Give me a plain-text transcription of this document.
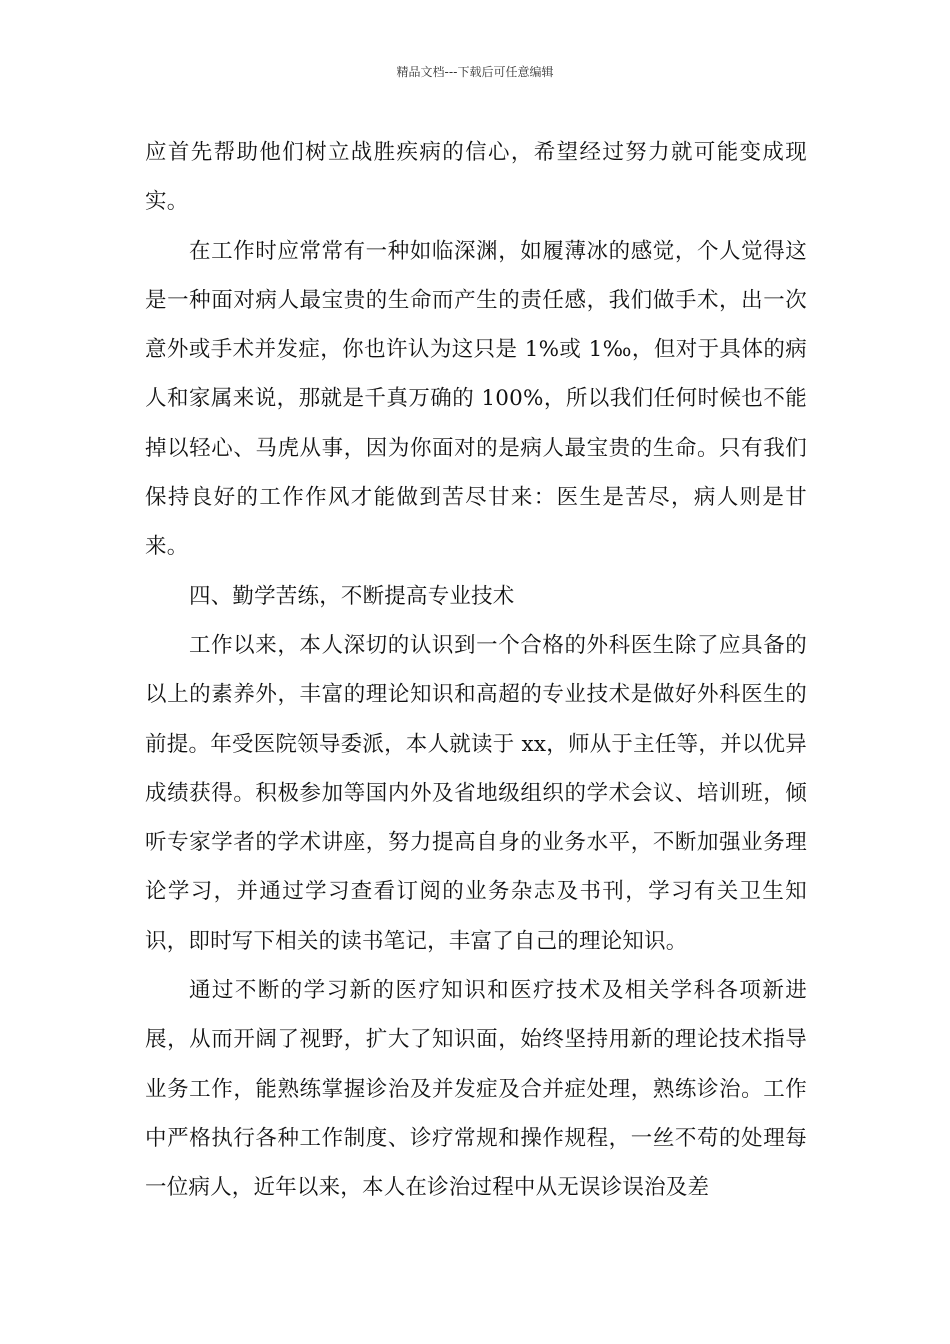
精品文档---下载后可任意编辑

应首先帮助他们树立战胜疾病的信心，希望经过努力就可能变成现实。

在工作时应常常有一种如临深渊，如履薄冰的感觉，个人觉得这是一种面对病人最宝贵的生命而产生的责任感，我们做手术，出一次意外或手术并发症，你也许认为这只是 1%或 1‰，但对于具体的病人和家属来说，那就是千真万确的 100%，所以我们任何时候也不能掉以轻心、马虎从事，因为你面对的是病人最宝贵的生命。只有我们保持良好的工作作风才能做到苦尽甘来：医生是苦尽，病人则是甘来。

四、勤学苦练，不断提高专业技术

工作以来，本人深切的认识到一个合格的外科医生除了应具备的以上的素养外，丰富的理论知识和高超的专业技术是做好外科医生的前提。年受医院领导委派，本人就读于 xx，师从于主任等，并以优异成绩获得。积极参加等国内外及省地级组织的学术会议、培训班，倾听专家学者的学术讲座，努力提高自身的业务水平，不断加强业务理论学习，并通过学习查看订阅的业务杂志及书刊，学习有关卫生知识，即时写下相关的读书笔记，丰富了自己的理论知识。

通过不断的学习新的医疗知识和医疗技术及相关学科各项新进展，从而开阔了视野，扩大了知识面，始终坚持用新的理论技术指导业务工作，能熟练掌握诊治及并发症及合并症处理，熟练诊治。工作中严格执行各种工作制度、诊疗常规和操作规程，一丝不苟的处理每一位病人，近年以来，本人在诊治过程中从无误诊误治及差
